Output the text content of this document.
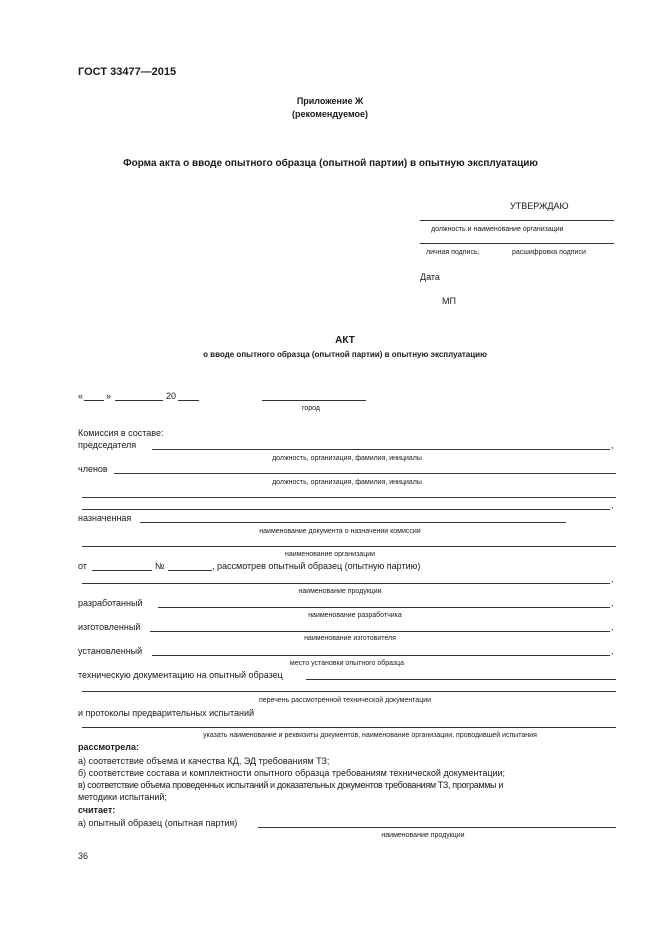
ГОСТ 33477—2015
Приложение Ж
(рекомендуемое)
Форма акта о вводе опытного образца (опытной партии) в опытную эксплуатацию
УТВЕРЖДАЮ
должность и наименование организации
личная подпись,	расшифровка подписи
Дата
МП
АКТ
о вводе опытного образца (опытной партии) в опытную эксплуатацию
«	»	20
город
Комиссия в составе:
председателя	,
должность, организация, фамилия, инициалы
членов
должность, организация, фамилия, инициалы
,
назначенная
наименование документа о назначении комиссии
наименование организации
от	№	, рассмотрев опытный образец (опытную партию)
,
наименование продукции
разработанный	,
наименование разработчика
изготовленный	,
наименование изготовителя
установленный	,
место установки опытного образца
техническую документацию на опытный образец
перечень рассмотренной технической документации
и протоколы предварительных испытаний
указать наименование и реквизиты документов, наименование организации, проводившей испытания
рассмотрела:
а) соответствие объема и качества КД, ЭД требованиям ТЗ;
б) соответствие состава и комплектности опытного образца требованиям технической документации;
в) соответствие объема проведенных испытаний и доказательных документов требованиям ТЗ, программы и
методики испытаний;
считает:
а) опытный образец (опытная партия)
наименование продукции
36
